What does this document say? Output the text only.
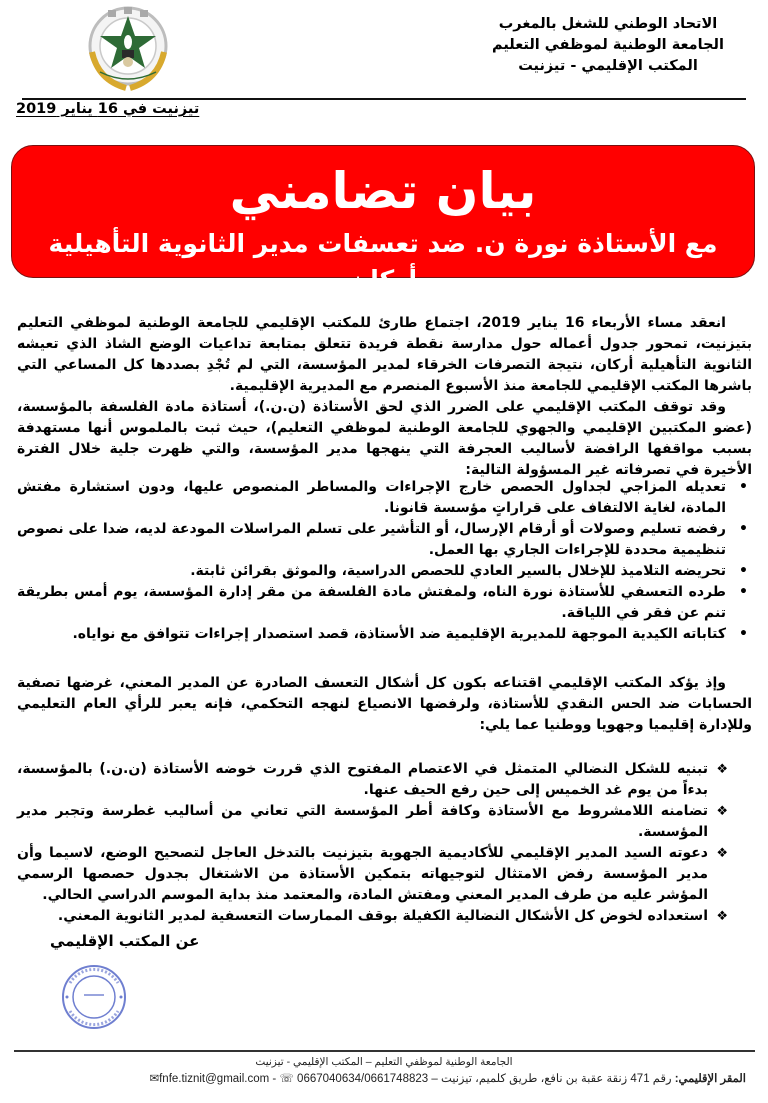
الاتحاد الوطني للشغل بالمغرب
الجامعة الوطنية لموظفي التعليم
المكتب الإقليمي - تيزنيت
تيزنيت في 16 يناير 2019
بيان تضامني
مع الأستاذة نورة ن. ضد تعسفات مدير الثانوية التأهيلية أركان

انعقد مساء الأربعاء 16 يناير 2019، اجتماع طارئ للمكتب الإقليمي للجامعة الوطنية لموظفي التعليم بتيزنيت، تمحور جدول أعماله حول مدارسة نقطة فريدة تتعلق بمتابعة تداعيات الوضع الشاذ الذي تعيشه الثانوية التأهيلية أركان، نتيجة التصرفات الخرقاء لمدير المؤسسة، التي لم تُجْدِ بصددها كل المساعي التي باشرها المكتب الإقليمي للجامعة منذ الأسبوع المنصرم مع المديرية الإقليمية.

وقد توقف المكتب الإقليمي على الضرر الذي لحق الأستاذة (ن.ن.)، أستاذة مادة الفلسفة بالمؤسسة، (عضو المكتبين الإقليمي والجهوي للجامعة الوطنية لموظفي التعليم)، حيث ثبت بالملموس أنها مستهدفة بسبب مواقفها الرافضة لأساليب العجرفة التي ينهجها مدير المؤسسة، والتي ظهرت جلية خلال الفترة الأخيرة في تصرفاته غير المسؤولة التالية:

•
تعديله المزاجي لجداول الحصص خارج الإجراءات والمساطر المنصوص عليها، ودون استشارة مفتش المادة، لغاية الالتفاف على قراراتٍ مؤسسة قانونا.
•
رفضه تسليم وصولات أو أرقام الإرسال، أو التأشير على تسلم المراسلات المودعة لديه، ضدا على نصوص تنظيمية محددة للإجراءات الجاري بها العمل.
•
تحريضه التلاميذ للإخلال بالسير العادي للحصص الدراسية، والموثق بقرائن ثابتة.
•
طرده التعسفي للأستاذة نورة الناه، ولمفتش مادة الفلسفة من مقر إدارة المؤسسة، يوم أمس بطريقة تنم عن فقر في اللياقة.
•
كتاباته الكيدية الموجهة للمديرية الإقليمية ضد الأستاذة، قصد استصدار إجراءات تتوافق مع نواياه.

وإذ يؤكد المكتب الإقليمي اقتناعه بكون كل أشكال التعسف الصادرة عن المدير المعني، غرضها تصفية الحسابات ضد الحس النقدي للأستاذة، ولرفضها الانصياع لنهجه التحكمي، فإنه يعبر للرأي العام التعليمي وللإدارة إقليميا وجهويا ووطنيا عما يلي:

❖
تبنيه للشكل النضالي المتمثل في الاعتصام المفتوح الذي قررت خوضه الأستاذة (ن.ن.) بالمؤسسة، بدءاً من يوم غد الخميس إلى حين رفع الحيف عنها.
❖
تضامنه اللامشروط مع الأستاذة وكافة أطر المؤسسة التي تعاني من أساليب غطرسة وتجبر مدير المؤسسة.
❖
دعوته السيد المدير الإقليمي للأكاديمية الجهوية بتيزنيت بالتدخل العاجل لتصحيح الوضع، لاسيما وأن مدير المؤسسة رفض الامتثال لتوجيهاته بتمكين الأستاذة من الاشتغال بجدول حصصها الرسمي المؤشر عليه من طرف المدير المعني ومفتش المادة، والمعتمد منذ بداية الموسم الدراسي الحالي.
❖
استعداده لخوض كل الأشكال النضالية الكفيلة بوقف الممارسات التعسفية لمدير الثانوية المعني.
عن المكتب الإقليمي
الجامعة الوطنية لموظفي التعليم – المكتب الإقليمي - تيزنيت
المقر الإقليمي: رقم 471 زنقة عقبة بن نافع، طريق كلميم، تيزنيت – 0667040634/0661748823 ☏ - fnfe.tiznit@gmail.com✉
